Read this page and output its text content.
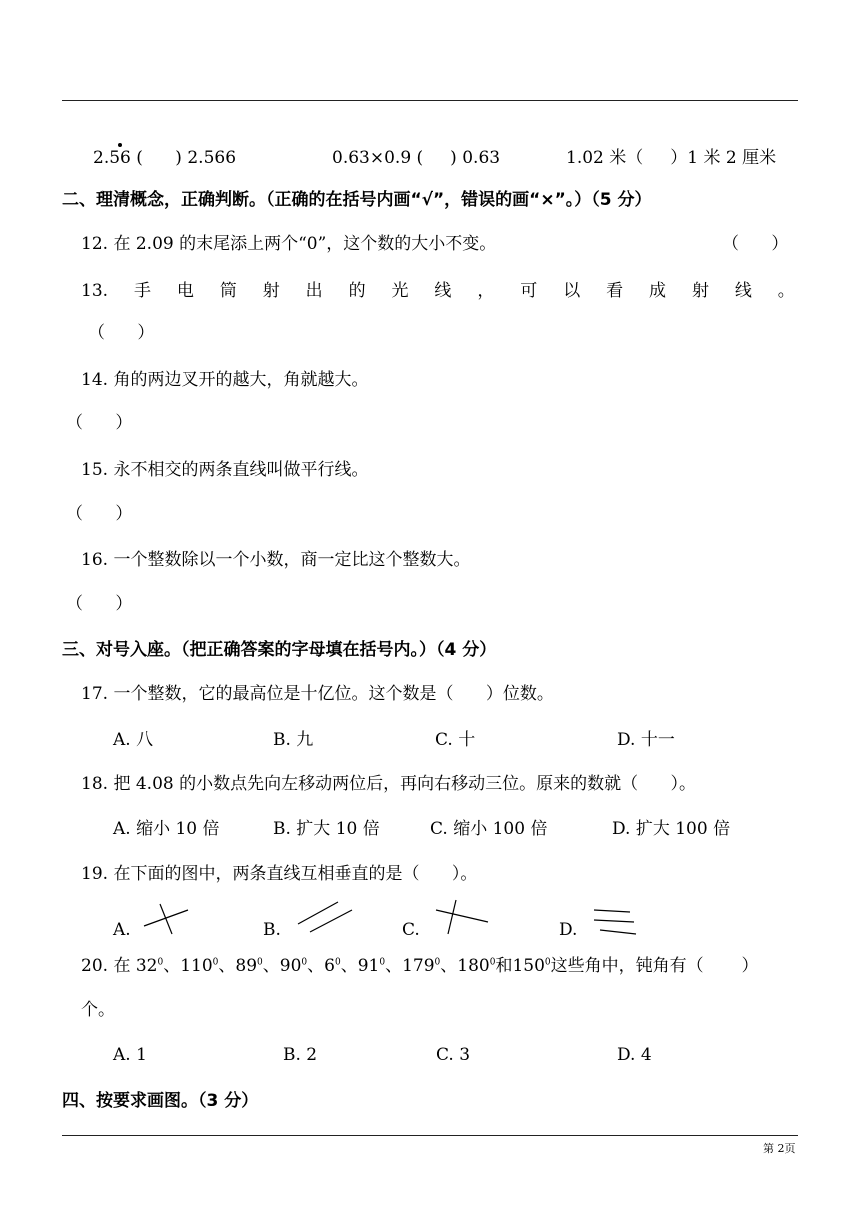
2.56 (      ) 2.566	0.63×0.9 (     ) 0.63	1.02 米（     ）1 米 2 厘米
二、理清概念，正确判断。（正确的在括号内画“√”，错误的画“×”。）（5 分）
12. 在 2.09 的末尾添上两个“0”，这个数的大小不变。	（      ）
13. 手 电 筒 射 出 的 光 线 ， 可 以 看 成 射 线 。
（      ）
14. 角的两边叉开的越大，角就越大。
（      ）
15. 永不相交的两条直线叫做平行线。
（      ）
16. 一个整数除以一个小数，商一定比这个整数大。
（      ）
三、对号入座。（把正确答案的字母填在括号内。）（4 分）
17. 一个整数，它的最高位是十亿位。这个数是（      ）位数。
A. 八	B. 九	C. 十	D. 十一
18. 把 4.08 的小数点先向左移动两位后，再向右移动三位。原来的数就（      ）。
A. 缩小 10 倍	B. 扩大 10 倍	C. 缩小 100 倍	D. 扩大 100 倍
19. 在下面的图中，两条直线互相垂直的是（      ）。
A.	B.	C.	D.
20. 在 $32^0$、$110^0$、$89^0$、$90^0$、$6^0$、$91^0$、$179^0$、$180^0$和$150^0$这些角中，钝角有（       ）
个。
A. 1	B. 2	C. 3	D. 4
四、按要求画图。（3 分）
第 2页
